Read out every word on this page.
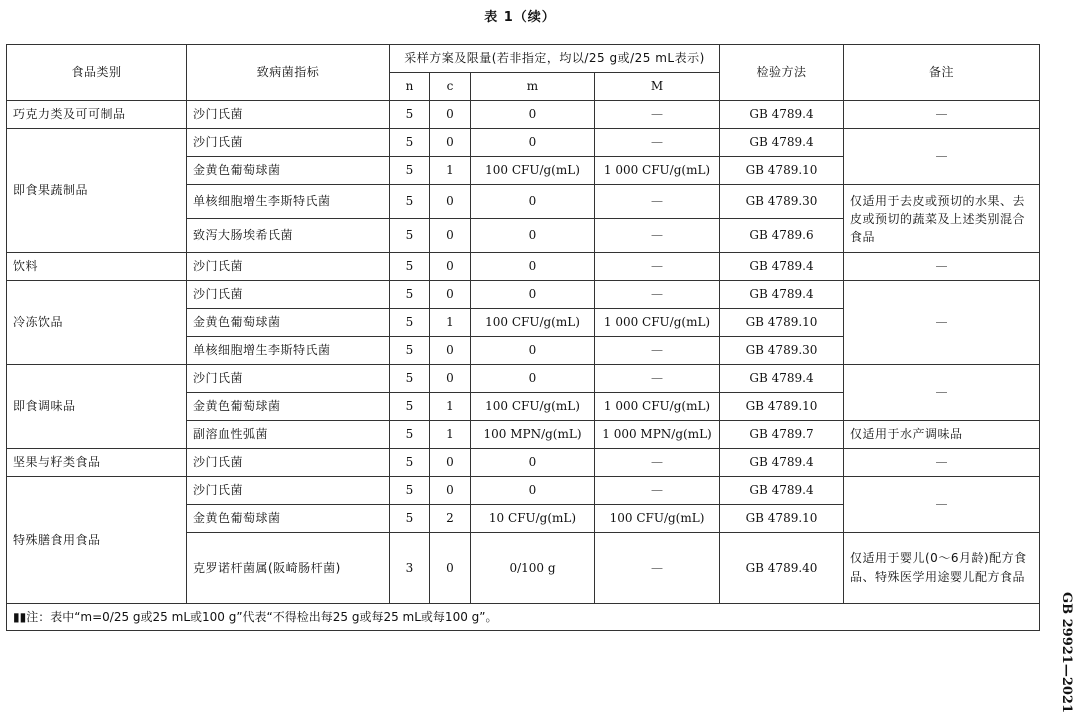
表 1（续）
食品类别	致病菌指标	采样方案及限量(若非指定，均以/25 g或/25 mL表示)				检验方法	备注
		n	c	m	M		
巧克力类及可可制品	沙门氏菌	5	0	0	—	GB 4789.4	—
即食果蔬制品	沙门氏菌	5	0	0	—	GB 4789.4	—
	金黄色葡萄球菌	5	1	100 CFU/g(mL)	1 000 CFU/g(mL)	GB 4789.10	
	单核细胞增生李斯特氏菌	5	0	0	—	GB 4789.30	仅适用于去皮或预切的水果、去皮或预切的蔬菜及上述类别混合食品
	致泻大肠埃希氏菌	5	0	0	—	GB 4789.6	
饮料	沙门氏菌	5	0	0	—	GB 4789.4	—
冷冻饮品	沙门氏菌	5	0	0	—	GB 4789.4	—
	金黄色葡萄球菌	5	1	100 CFU/g(mL)	1 000 CFU/g(mL)	GB 4789.10	
	单核细胞增生李斯特氏菌	5	0	0	—	GB 4789.30	
即食调味品	沙门氏菌	5	0	0	—	GB 4789.4	—
	金黄色葡萄球菌	5	1	100 CFU/g(mL)	1 000 CFU/g(mL)	GB 4789.10	
	副溶血性弧菌	5	1	100 MPN/g(mL)	1 000 MPN/g(mL)	GB 4789.7	仅适用于水产调味品
坚果与籽类食品	沙门氏菌	5	0	0	—	GB 4789.4	—
特殊膳食用食品	沙门氏菌	5	0	0	—	GB 4789.4	—
	金黄色葡萄球菌	5	2	10 CFU/g(mL)	100 CFU/g(mL)	GB 4789.10	
	克罗诺杆菌属(阪崎肠杆菌)	3	0	0/100 g	—	GB 4789.40	仅适用于婴儿(0～6月龄)配方食品、特殊医学用途婴儿配方食品
▮▮注：表中“m=0/25 g或25 mL或100 g”代表“不得检出每25 g或每25 mL或每100 g”。								GB 29921—2021
